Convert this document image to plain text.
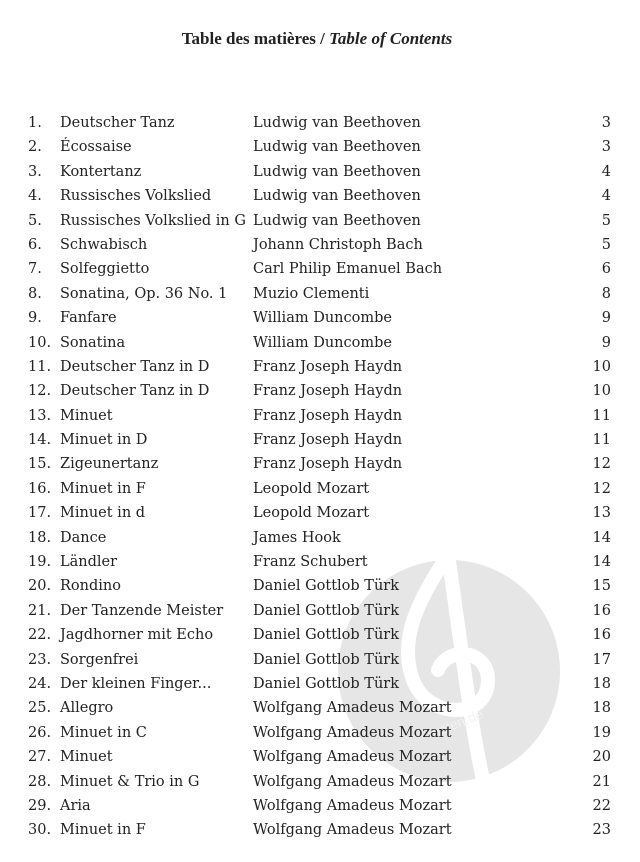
noten.de
Table des matières / Table of Contents
1. Deutscher Tanz	Ludwig van Beethoven	3
2. Écossaise	Ludwig van Beethoven	3
3. Kontertanz	Ludwig van Beethoven	4
4. Russisches Volkslied	Ludwig van Beethoven	4
5. Russisches Volkslied in G Ludwig van Beethoven	5
6. Schwabisch	Johann Christoph Bach	5
7. Solfeggietto	Carl Philip Emanuel Bach	6
8. Sonatina, Op. 36 No. 1 Muzio Clementi	8
9. Fanfare	William Duncombe	9
10. Sonatina	William Duncombe	9
11. Deutscher Tanz in D	Franz Joseph Haydn	10
12. Deutscher Tanz in D	Franz Joseph Haydn	10
13. Minuet	Franz Joseph Haydn	11
14. Minuet in D	Franz Joseph Haydn	11
15. Zigeunertanz	Franz Joseph Haydn	12
16. Minuet in F	Leopold Mozart	12
17. Minuet in d	Leopold Mozart	13
18. Dance	James Hook	14
19. Ländler	Franz Schubert	14
20. Rondino	Daniel Gottlob Türk	15
21. Der Tanzende Meister Daniel Gottlob Türk	16
22. Jagdhorner mit Echo	Daniel Gottlob Türk	16
23. Sorgenfrei	Daniel Gottlob Türk	17
24. Der kleinen Finger...	Daniel Gottlob Türk	18
25. Allegro	Wolfgang Amadeus Mozart	18
26. Minuet in C	Wolfgang Amadeus Mozart	19
27. Minuet	Wolfgang Amadeus Mozart	20
28. Minuet & Trio in G	Wolfgang Amadeus Mozart	21
29. Aria	Wolfgang Amadeus Mozart	22
30. Minuet in F	Wolfgang Amadeus Mozart	23
